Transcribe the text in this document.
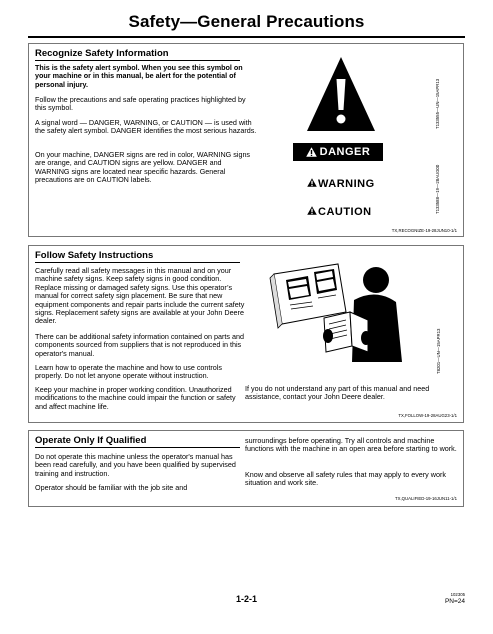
Safety—General Precautions
Recognize Safety Information

This is the safety alert symbol. When you see this symbol on your machine or in this manual, be alert for the potential of personal injury.

Follow the precautions and safe operating practices highlighted by this symbol.

A signal word — DANGER, WARNING, or CAUTION — is used with the safety alert symbol. DANGER identifies the most serious hazards.

On your machine, DANGER signs are red in color, WARNING signs are orange, and CAUTION signs are yellow. DANGER and WARNING signs are located near specific hazards. General precautions are on CAUTION labels.

T133555—UN—15APR13
T133588—19—28AUG00
TX,RECOGNIZE-19-28JUN10-1/1
DANGER
WARNING
CAUTION
Follow Safety Instructions

Carefully read all safety messages in this manual and on your machine safety signs. Keep safety signs in good condition. Replace missing or damaged safety signs. Use this operator’s manual for correct safety sign placement. Be sure that new equipment components and repair parts include the current safety signs. Replacement safety signs are available at your John Deere dealer.

There can be additional safety information contained on parts and components sourced from suppliers that is not reproduced in this operator's manual.

Learn how to operate the machine and how to use controls properly. Do not let anyone operate without instruction.

Keep your machine in proper working condition. Unauthorized modifications to the machine could impair the function or safety and affect machine life.

If you do not understand any part of this manual and need assistance, contact your John Deere dealer.

T8201—UN—15APR13
TX,FOLLOW-19-28AUG23-1/1
Operate Only If Qualified

Do not operate this machine unless the operator's manual has been read carefully, and you have been qualified by supervised training and instruction.

Operator should be familiar with the job site and

surroundings before operating. Try all controls and machine functions with the machine in an open area before starting to work.

Know and observe all safety rules that may apply to every work situation and work site.

TX,QUALIFIED-19-16JUN11-1/1
1-2-1	102305
PN=24
